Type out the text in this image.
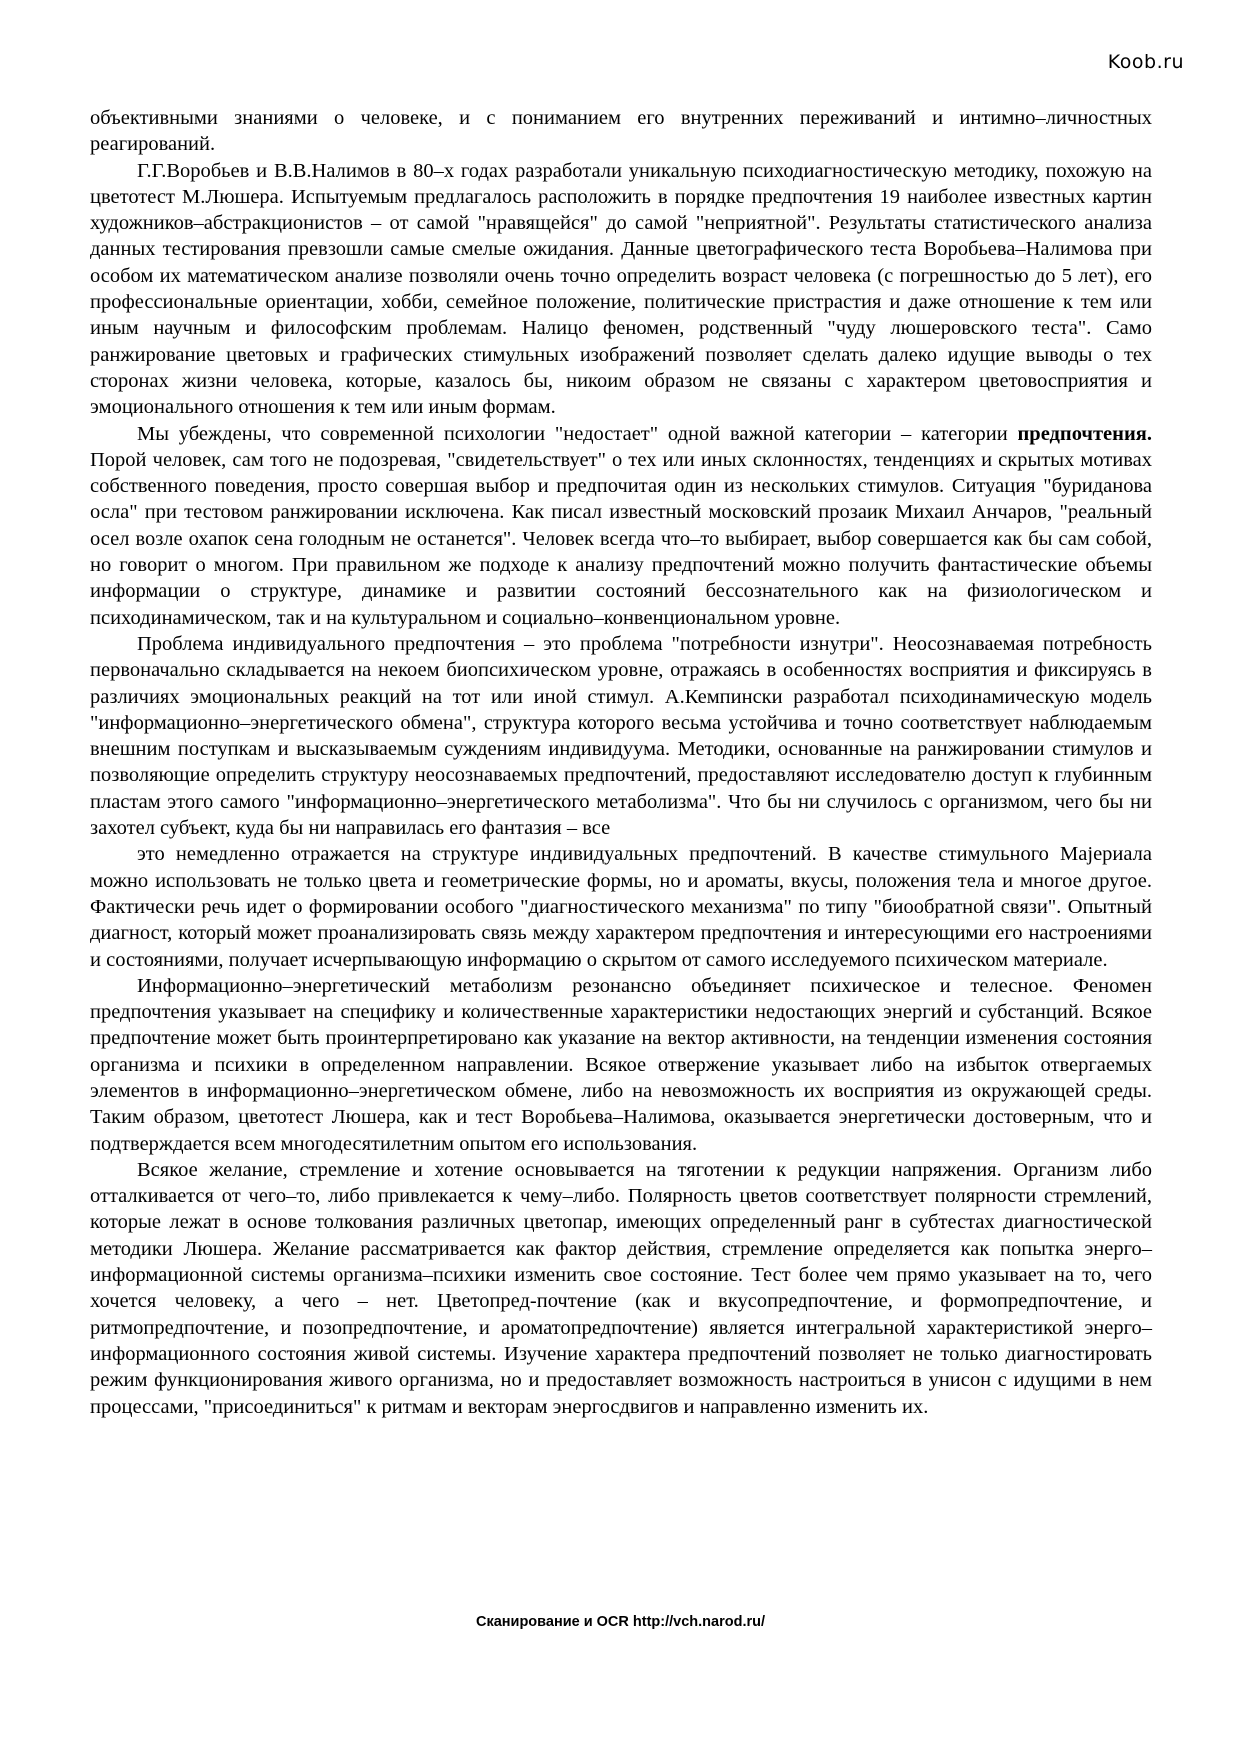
Koob.ru

объективными знаниями о человеке, и с пониманием его внутренних переживаний и интимно–личностных реагирований.

Г.Г.Воробьев и В.В.Налимов в 80–х годах разработали уникальную психодиагностическую методику, похожую на цветотест М.Люшера. Испытуемым предлагалось расположить в порядке предпочтения 19 наиболее известных картин художников–абстракционистов – от самой "нравящейся" до самой "неприятной". Результаты статистического анализа данных тестирования превзошли самые смелые ожидания. Данные цветографического теста Воробьева–Налимова при особом их математическом анализе позволяли очень точно определить возраст человека (с погрешностью до 5 лет), его профессиональные ориентации, хобби, семейное положение, политические пристрастия и даже отношение к тем или иным научным и философским проблемам. Налицо феномен, родственный "чуду люшеровского теста". Само ранжирование цветовых и графических стимульных изображений позволяет сделать далеко идущие выводы о тех сторонах жизни человека, которые, казалось бы, никоим образом не связаны с характером цветовосприятия и эмоционального отношения к тем или иным формам.

Мы убеждены, что современной психологии "недостает" одной важной категории – категории предпочтения. Порой человек, сам того не подозревая, "свидетельствует" о тех или иных склонностях, тенденциях и скрытых мотивах собственного поведения, просто совершая выбор и предпочитая один из нескольких стимулов. Ситуация "буриданова осла" при тестовом ранжировании исключена. Как писал известный московский прозаик Михаил Анчаров, "реальный осел возле охапок сена голодным не останется". Человек всегда что–то выбирает, выбор совершается как бы сам собой, но говорит о многом. При правильном же подходе к анализу предпочтений можно получить фантастические объемы информации о структуре, динамике и развитии состояний бессознательного как на физиологическом и психодинамическом, так и на культуральном и социально–конвенциональном уровне.

Проблема индивидуального предпочтения – это проблема "потребности изнутри". Неосознаваемая потребность первоначально складывается на некоем биопсихическом уровне, отражаясь в особенностях восприятия и фиксируясь в различиях эмоциональных реакций на тот или иной стимул. А.Кемпински разработал психодинамическую модель "информационно–энергетического обмена", структура которого весьма устойчива и точно соответствует наблюдаемым внешним поступкам и высказываемым суждениям индивидуума. Методики, основанные на ранжировании стимулов и позволяющие определить структуру неосознаваемых предпочтений, предоставляют исследователю доступ к глубинным пластам этого самого "информационно–энергетического метаболизма". Что бы ни случилось с организмом, чего бы ни захотел субъект, куда бы ни направилась его фантазия – все

это немедленно отражается на структуре индивидуальных предпочтений. В качестве стимульного Мајериала можно использовать не только цвета и геометрические формы, но и ароматы, вкусы, положения тела и многое другое. Фактически речь идет о формировании особого "диагностического механизма" по типу "биообратной связи". Опытный диагност, который может проанализировать связь между характером предпочтения и интересующими его настроениями и состояниями, получает исчерпывающую информацию о скрытом от самого исследуемого психическом материале.

Информационно–энергетический метаболизм резонансно объединяет психическое и телесное. Феномен предпочтения указывает на специфику и количественные характеристики недостающих энергий и субстанций. Всякое предпочтение может быть проинтерпретировано как указание на вектор активности, на тенденции изменения состояния организма и психики в определенном направлении. Всякое отвержение указывает либо на избыток отвергаемых элементов в информационно–энергетическом обмене, либо на невозможность их восприятия из окружающей среды. Таким образом, цветотест Люшера, как и тест Воробьева–Налимова, оказывается энергетически достоверным, что и подтверждается всем многодесятилетним опытом его использования.

Всякое желание, стремление и хотение основывается на тяготении к редукции напряжения. Организм либо отталкивается от чего–то, либо привлекается к чему–либо. Полярность цветов соответствует полярности стремлений, которые лежат в основе толкования различных цветопар, имеющих определенный ранг в субтестах диагностической методики Люшера. Желание рассматривается как фактор действия, стремление определяется как попытка энерго–информационной системы организма–психики изменить свое состояние. Тест более чем прямо указывает на то, чего хочется человеку, а чего – нет. Цветопред-почтение (как и вкусопредпочтение, и формопредпочтение, и ритмопредпочтение, и позопредпочтение, и ароматопредпочтение) является интегральной характеристикой энерго–информационного состояния живой системы. Изучение характера предпочтений позволяет не только диагностировать режим функционирования живого организма, но и предоставляет возможность настроиться в унисон с идущими в нем процессами, "присоединиться" к ритмам и векторам энергосдвигов и направленно изменить их.

Сканирование и OCR http://vch.narod.ru/
